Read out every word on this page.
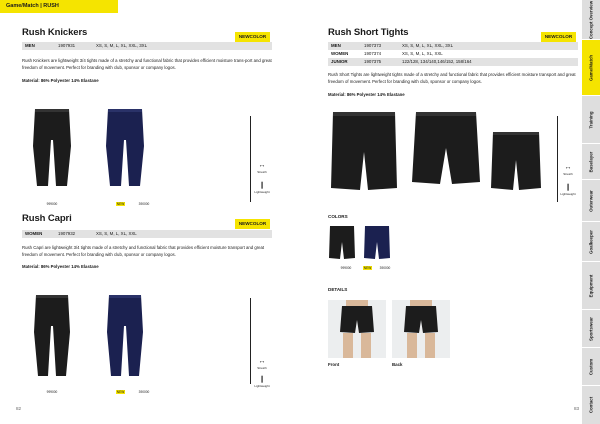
Game/Match | RUSH
Rush Knickers	NEWCOLOR
MEN	1907931	XS, S, M, L, XL, XXL, 3XL
Rush Knickers are lightweight 3/4 tights made of a stretchy and functional fabric that provides efficient moisture trans-port and great freedom of movement. Perfect for branding with club, sponsor or company logos.
Material: 86% Polyester 14% Elastane
999000	NEW	390000
↔
Stretch
❙
Lightweight
Rush Capri	NEWCOLOR
WOMEN	1907932	XS, S, M, L, XL, XXL
Rush Capri are lightweight 3/4 tights made of a stretchy and functional fabric that provides efficient moisture transport and great freedom of movement. Perfect for branding with club, sponsor or company logos.
Material: 86% Polyester 14% Elastane
999000	NEW	390000
↔
Stretch
❙
Lightweight
82
Rush Short Tights	NEWCOLOR
MEN	1907373	XS, S, M, L, XL, XXL, 3XL
WOMEN	1907374	XS, S, M, L, XL, XXL
JUNIOR	1907375	122/128, 134/140,146/152, 158/164
Rush Short Tights are lightweight tights made of a stretchy and functional fabric that provides efficient moisture transport and great freedom of movement. Perfect for branding with club, sponsor or company logos.
Material: 86% Polyester 14% Elastane
↔
Stretch
❙
Lightweight
COLORS
999000	NEW	390000
DETAILS
Front	Back
83
Concept Overview
Game/Match
Training
Baselayer
Outerwear
Goalkeeper
Equipment
Sportswear
Custom
Contact
